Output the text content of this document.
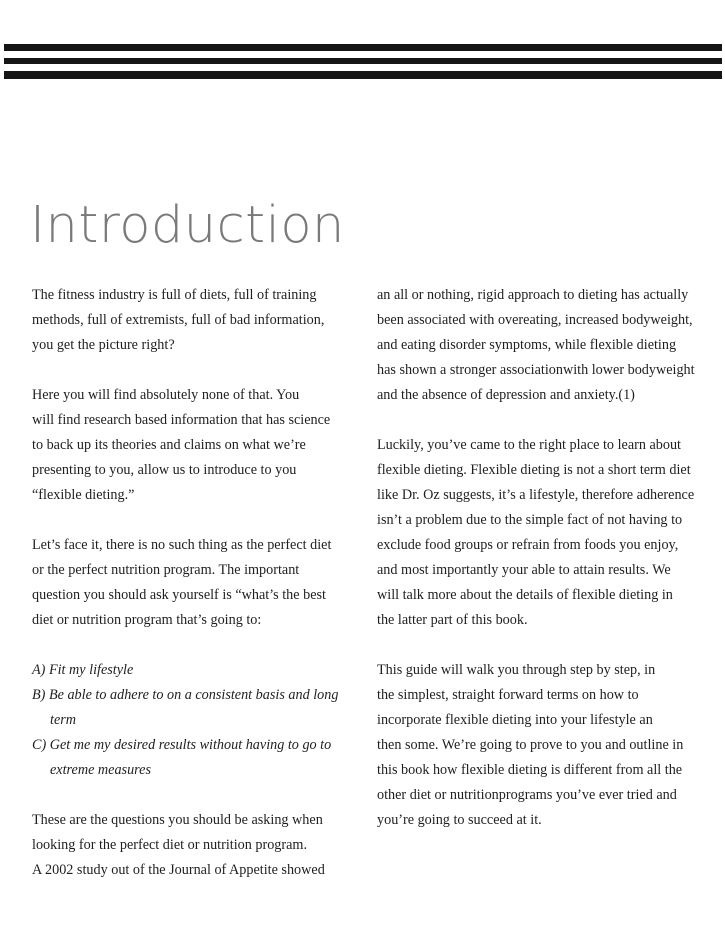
Introduction

The fitness industry is full of diets, full of training
methods, full of extremists, full of bad information,
you get the picture right?

Here you will find absolutely none of that. You
will find research based information that has science
to back up its theories and claims on what we’re
presenting to you, allow us to introduce to you
“flexible dieting.”

Let’s face it, there is no such thing as the perfect diet
or the perfect nutrition program. The important
question you should ask yourself is “what’s the best
diet or nutrition program that’s going to:

A) Fit my lifestyle
B) Be able to adhere to on a consistent basis and long term
C) Get me my desired results without having to go to extreme measures

These are the questions you should be asking when
looking for the perfect diet or nutrition program.
A 2002 study out of the Journal of Appetite showed

an all or nothing, rigid approach to dieting has actually
been associated with overeating, increased bodyweight,
and eating disorder symptoms, while flexible dieting
has shown a stronger associationwith lower bodyweight
and the absence of depression and anxiety.(1)

Luckily, you’ve came to the right place to learn about
flexible dieting. Flexible dieting is not a short term diet
like Dr. Oz suggests, it’s a lifestyle, therefore adherence
isn’t a problem due to the simple fact of not having to
exclude food groups or refrain from foods you enjoy,
and most importantly your able to attain results. We
will talk more about the details of flexible dieting in
the latter part of this book.

This guide will walk you through step by step, in
the simplest, straight forward terms on how to
incorporate flexible dieting into your lifestyle an
then some. We’re going to prove to you and outline in
this book how flexible dieting is different from all the
other diet or nutritionprograms you’ve ever tried and
you’re going to succeed at it.
